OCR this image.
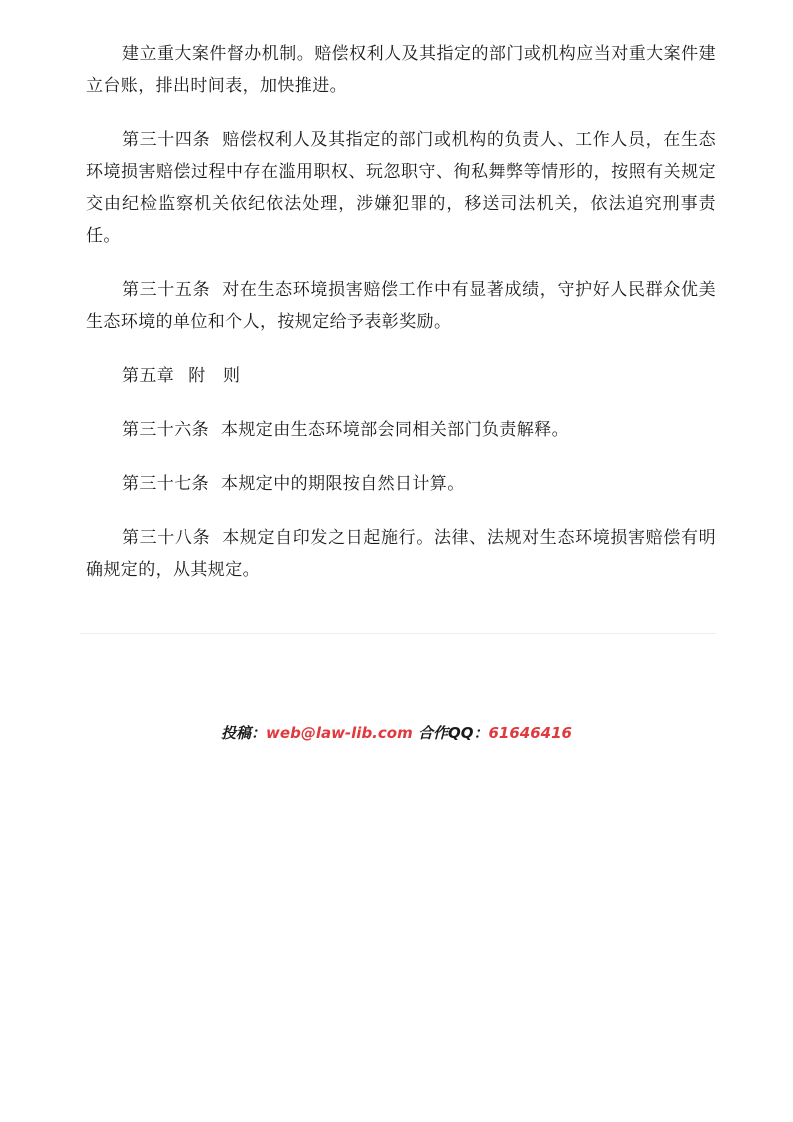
建立重大案件督办机制。赔偿权利人及其指定的部门或机构应当对重大案件建立台账，排出时间表，加快推进。

第三十四条 赔偿权利人及其指定的部门或机构的负责人、工作人员，在生态环境损害赔偿过程中存在滥用职权、玩忽职守、徇私舞弊等情形的，按照有关规定交由纪检监察机关依纪依法处理，涉嫌犯罪的，移送司法机关，依法追究刑事责任。

第三十五条 对在生态环境损害赔偿工作中有显著成绩，守护好人民群众优美生态环境的单位和个人，按规定给予表彰奖励。

第五章 附　则

第三十六条 本规定由生态环境部会同相关部门负责解释。

第三十七条 本规定中的期限按自然日计算。

第三十八条 本规定自印发之日起施行。法律、法规对生态环境损害赔偿有明确规定的，从其规定。

投稿：web@law-lib.com 合作QQ：61646416
